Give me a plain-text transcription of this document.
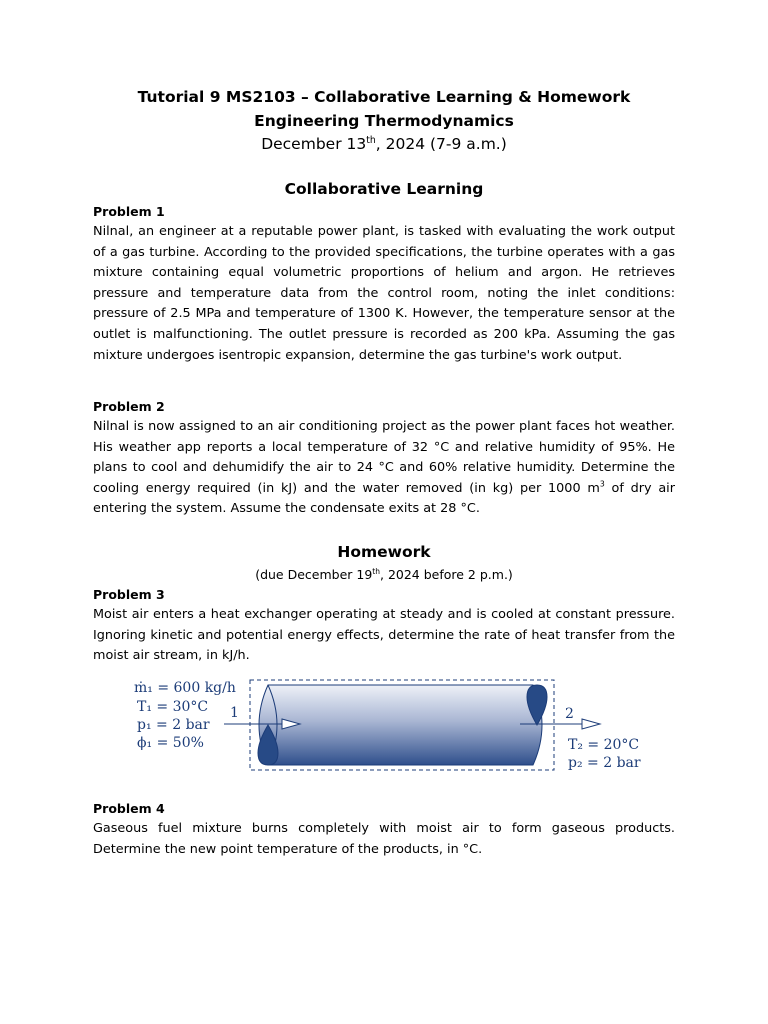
Tutorial 9 MS2103 – Collaborative Learning & Homework
Engineering Thermodynamics
December 13th, 2024 (7-9 a.m.)
Collaborative Learning
Problem 1
Nilnal, an engineer at a reputable power plant, is tasked with evaluating the work output of a gas turbine. According to the provided specifications, the turbine operates with a gas mixture containing equal volumetric proportions of helium and argon. He retrieves pressure and temperature data from the control room, noting the inlet conditions: pressure of 2.5 MPa and temperature of 1300 K. However, the temperature sensor at the outlet is malfunctioning. The outlet pressure is recorded as 200 kPa. Assuming the gas mixture undergoes isentropic expansion, determine the gas turbine's work output.
Problem 2
Nilnal is now assigned to an air conditioning project as the power plant faces hot weather. His weather app reports a local temperature of 32 °C and relative humidity of 95%. He plans to cool and dehumidify the air to 24 °C and 60% relative humidity. Determine the cooling energy required (in kJ) and the water removed (in kg) per 1000 $m^3$ of dry air entering the system. Assume the condensate exits at 28 °C.
Homework
(due December 19th, 2024 before 2 p.m.)
Problem 3
Moist air enters a heat exchanger operating at steady and is cooled at constant pressure. Ignoring kinetic and potential energy effects, determine the rate of heat transfer from the moist air stream, in kJ/h.
ṁ₁ = 600 kg/h
T₁ = 30°C
p₁ = 2 bar
ϕ₁ = 50%
1	2
T₂ = 20°C
p₂ = 2 bar
Problem 4
Gaseous fuel mixture burns completely with moist air to form gaseous products. Determine the new point temperature of the products, in °C.
